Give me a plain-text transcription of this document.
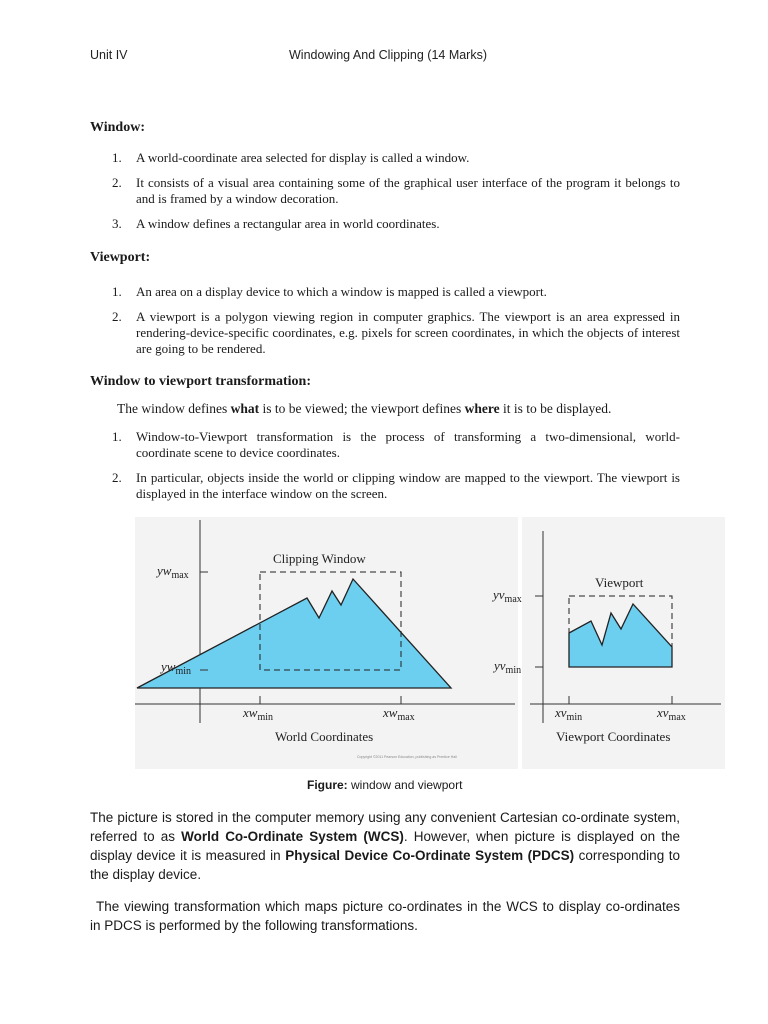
Unit IV	Windowing And Clipping (14 Marks)
Window:
1. A world-coordinate area selected for display is called a window.
2. It consists of a visual area containing some of the graphical user interface of the program it belongs to and is framed by a window decoration.
3. A window defines a rectangular area in world coordinates.
Viewport:
1. An area on a display device to which a window is mapped is called a viewport.
2. A viewport is a polygon viewing region in computer graphics. The viewport is an area expressed in rendering-device-specific coordinates, e.g. pixels for screen coordinates, in which the objects of interest are going to be rendered.
Window to viewport transformation:
The window defines what is to be viewed; the viewport defines where it is to be displayed.
1. Window-to-Viewport transformation is the process of transforming a two-dimensional, world-coordinate scene to device coordinates.
2. In particular, objects inside the world or clipping window are mapped to the viewport. The viewport is displayed in the interface window on the screen.
Clipping Window
$yw_{max}$
$yw_{min}$
$xw_{min}$	$xw_{max}$
World Coordinates
Viewport
$yv_{max}$
$yv_{min}$
$xv_{min}$	$xv_{max}$
Viewport Coordinates
Copyright ©2011 Pearson Education, publishing as Prentice Hall
Figure: window and viewport
The picture is stored in the computer memory using any convenient Cartesian co-ordinate system, referred to as World Co-Ordinate System (WCS). However, when picture is displayed on the display device it is measured in Physical Device Co-Ordinate System (PDCS) corresponding to the display device.
The viewing transformation which maps picture co-ordinates in the WCS to display co-ordinates in PDCS is performed by the following transformations.
